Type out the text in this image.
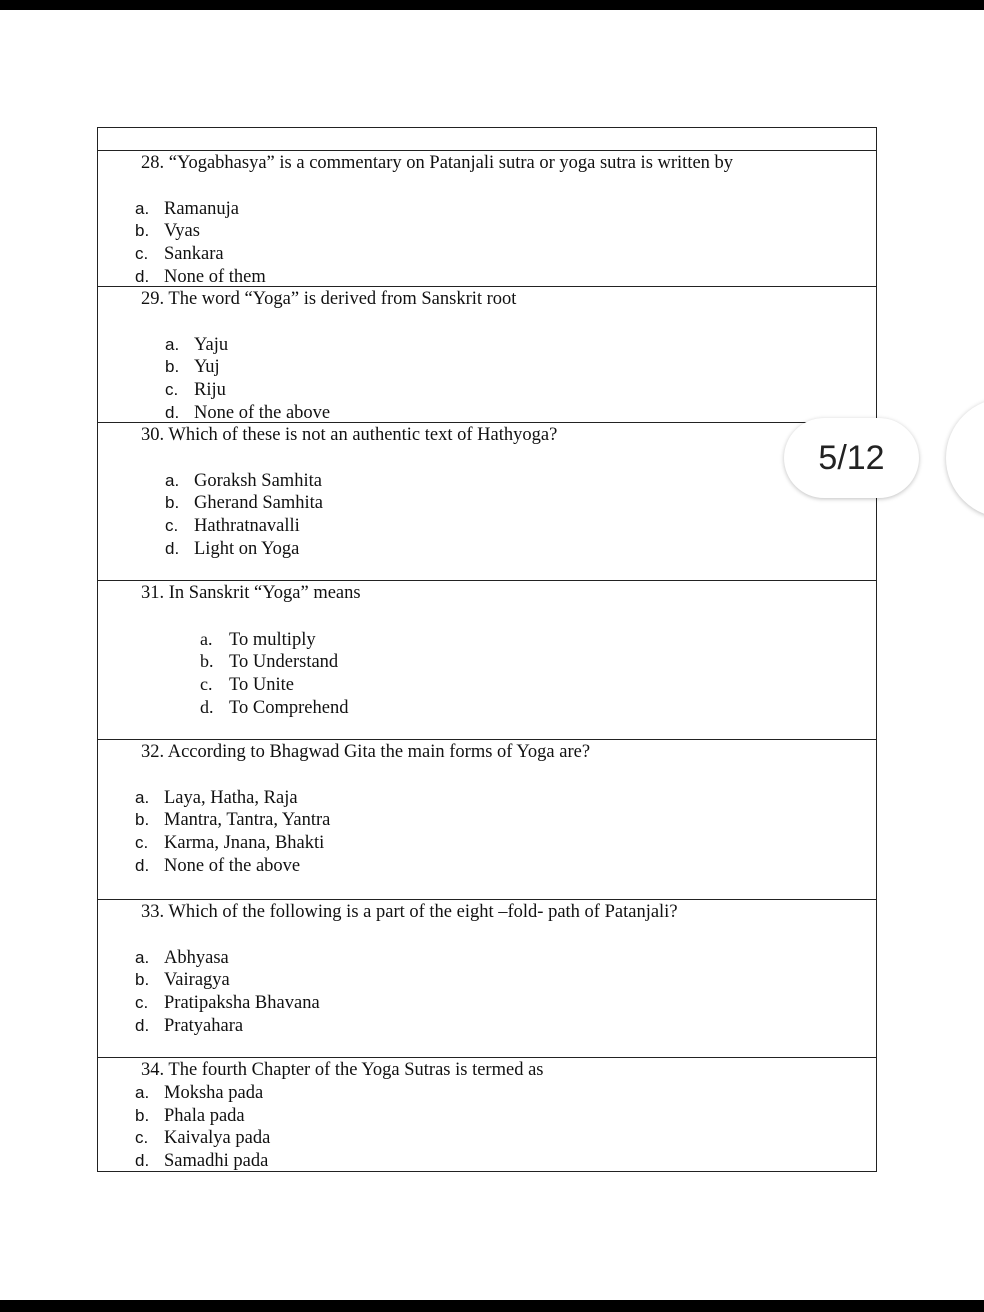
28. “Yogabhasya” is a commentary on Patanjali sutra or yoga sutra is written by
a. Ramanuja
b. Vyas
c. Sankara
d. None of them
29. The word “Yoga” is derived from Sanskrit root
a. Yaju
b. Yuj
c. Riju
d. None of the above
30. Which of these is not an authentic text of Hathyoga?
a. Goraksh Samhita
b. Gherand Samhita
c. Hathratnavalli
d. Light on Yoga
31. In Sanskrit “Yoga” means
a. To multiply
b. To Understand
c. To Unite
d. To Comprehend
32. According to Bhagwad Gita the main forms of Yoga are?
a. Laya, Hatha, Raja
b. Mantra, Tantra, Yantra
c. Karma, Jnana, Bhakti
d. None of the above
33. Which of the following is a part of the eight –fold- path of Patanjali?
a. Abhyasa
b. Vairagya
c. Pratipaksha Bhavana
d. Pratyahara
34. The fourth Chapter of the Yoga Sutras is termed as
a. Moksha pada
b. Phala pada
c. Kaivalya pada
d. Samadhi pada
5/12
